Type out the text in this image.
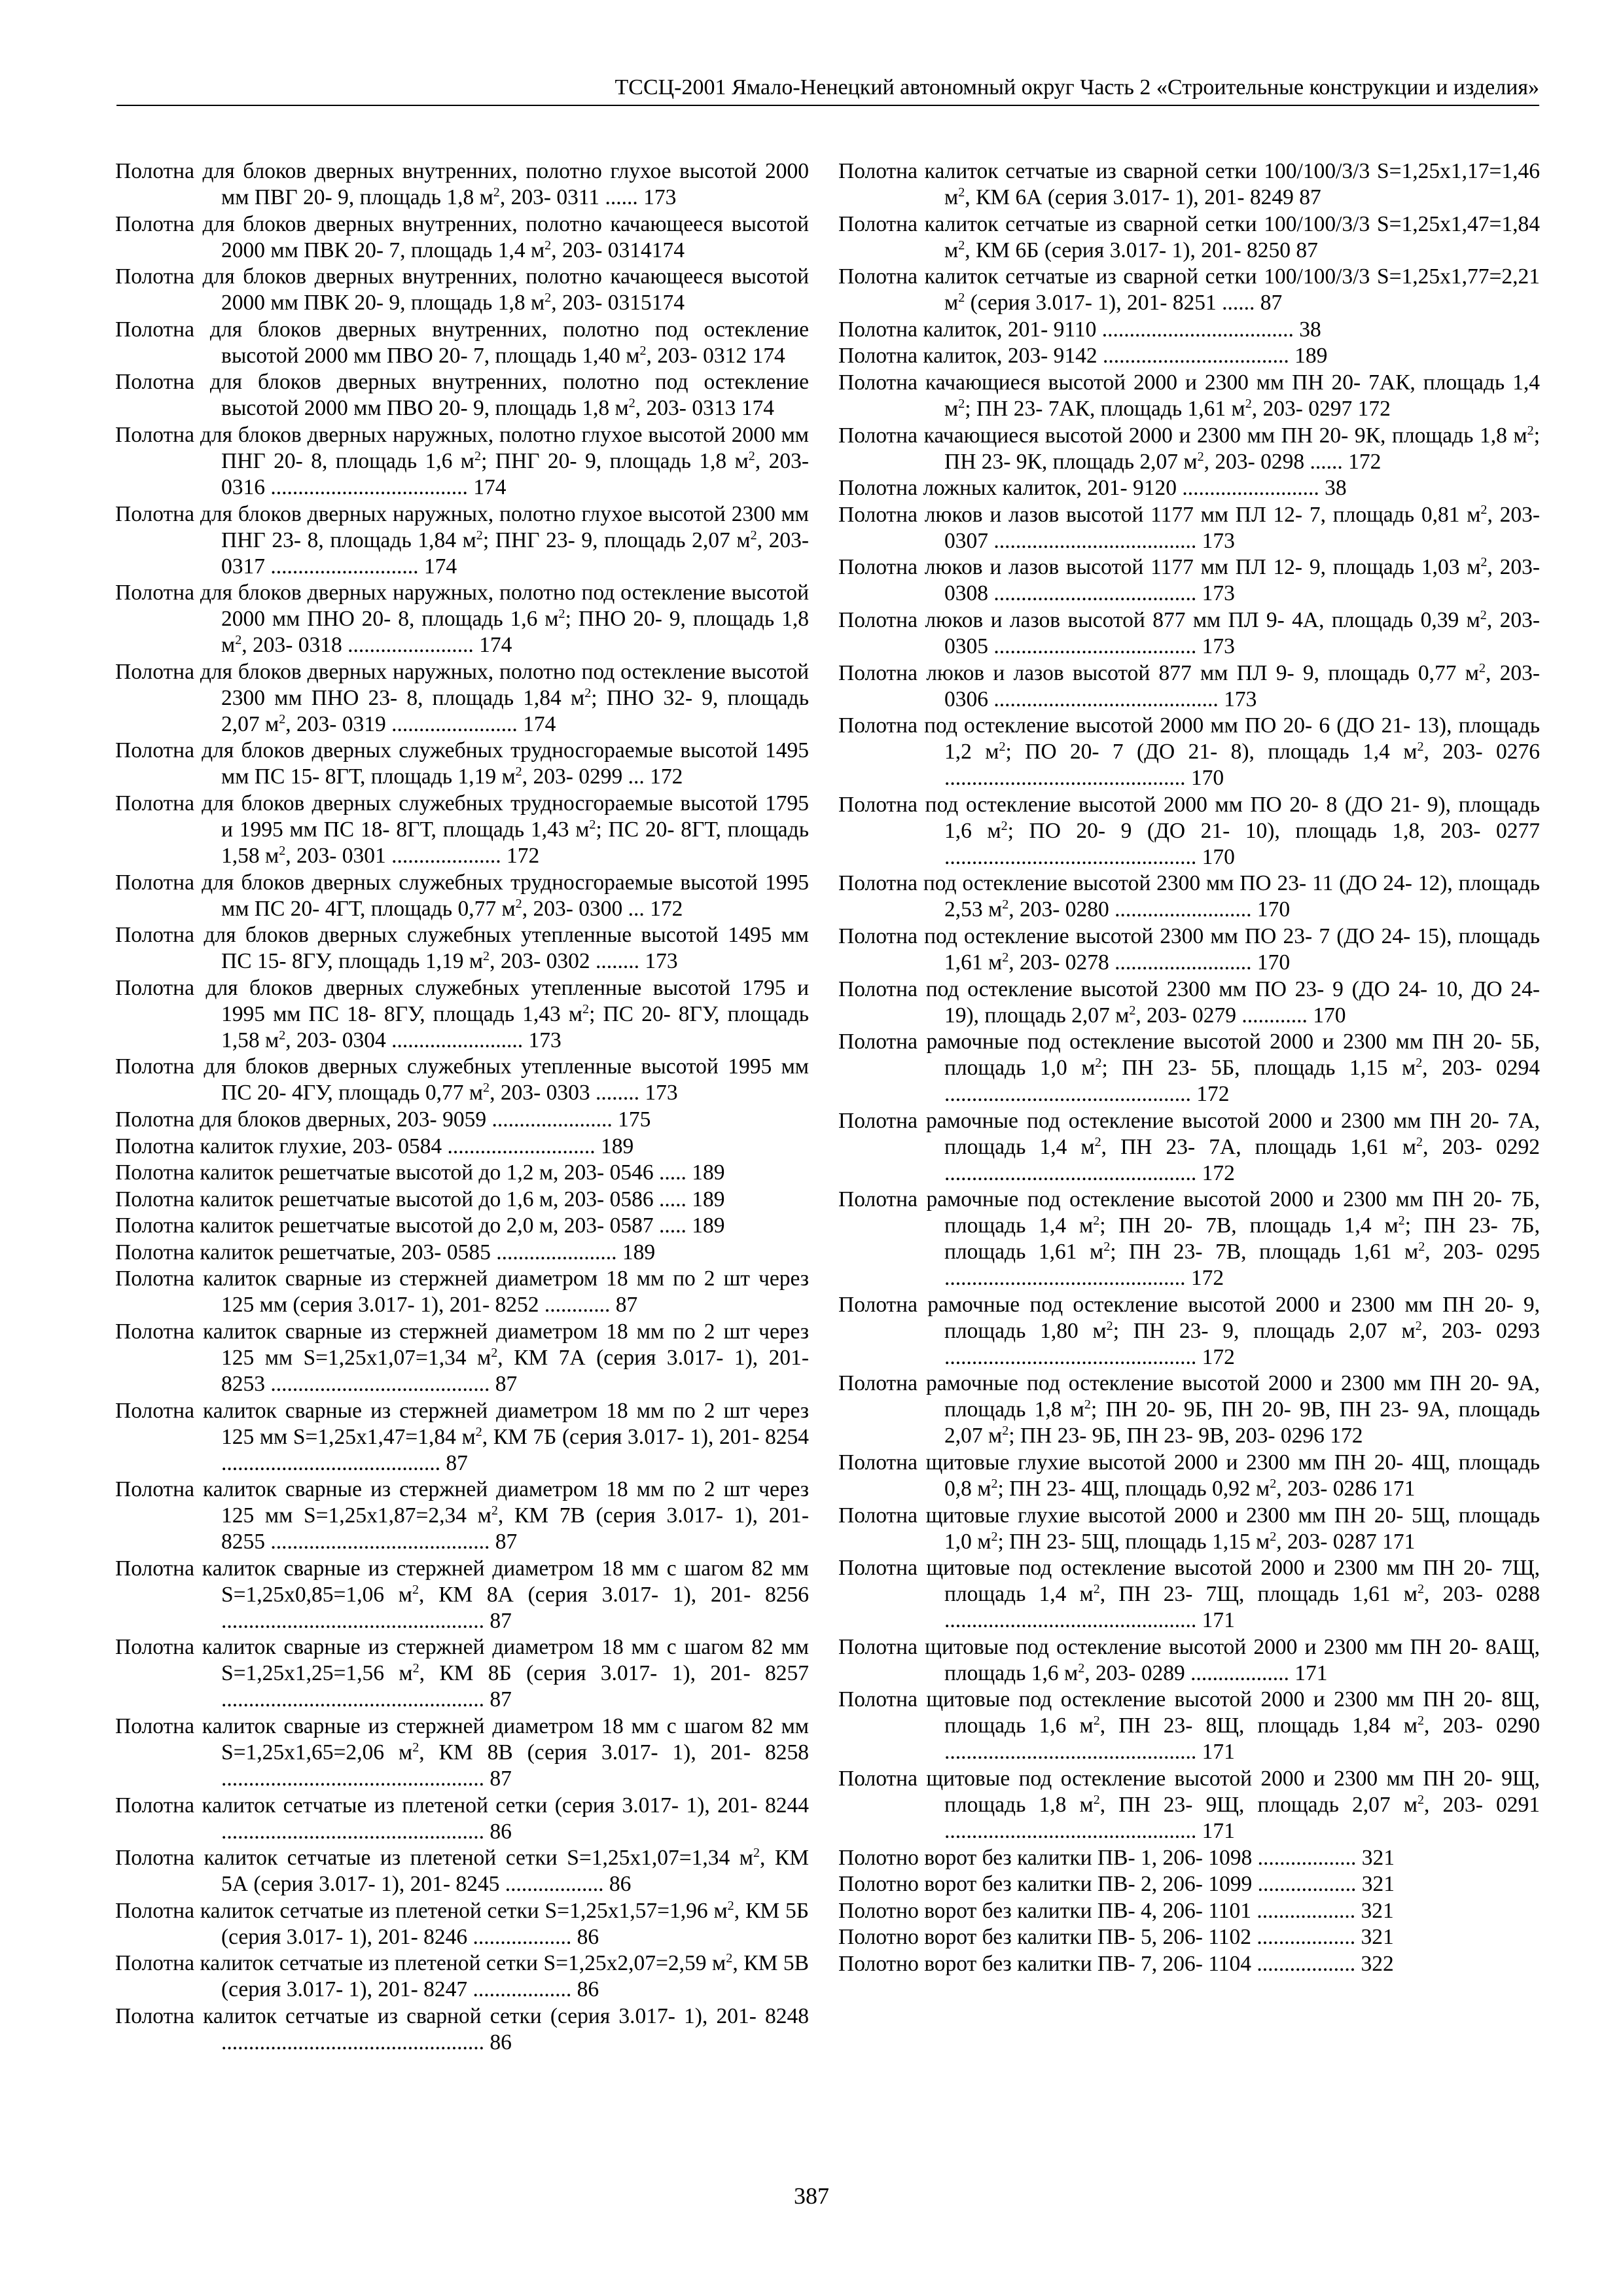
ТССЦ-2001 Ямало-Ненецкий автономный округ Часть 2 «Строительные конструкции и изделия»

Полотна для блоков дверных внутренних, полотно глухое высотой 2000 мм ПВГ 20- 9, площадь 1,8 $м^2$, 203- 0311 ...... 173

Полотна для блоков дверных внутренних, полотно качающееся высотой 2000 мм ПВК 20- 7, площадь 1,4 $м^2$, 203- 0314174

Полотна для блоков дверных внутренних, полотно качающееся высотой 2000 мм ПВК 20- 9, площадь 1,8 $м^2$, 203- 0315174

Полотна для блоков дверных внутренних, полотно под остекление высотой 2000 мм ПВО 20- 7, площадь 1,40 $м^2$, 203- 0312 174

Полотна для блоков дверных внутренних, полотно под остекление высотой 2000 мм ПВО 20- 9, площадь 1,8 $м^2$, 203- 0313 174

Полотна для блоков дверных наружных, полотно глухое высотой 2000 мм ПНГ 20- 8, площадь 1,6 $м^2$; ПНГ 20- 9, площадь 1,8 $м^2$, 203- 0316 .................................... 174

Полотна для блоков дверных наружных, полотно глухое высотой 2300 мм ПНГ 23- 8, площадь 1,84 $м^2$; ПНГ 23- 9, площадь 2,07 $м^2$, 203- 0317 ........................... 174

Полотна для блоков дверных наружных, полотно под остекление высотой 2000 мм ПНО 20- 8, площадь 1,6 $м^2$; ПНО 20- 9, площадь 1,8 $м^2$, 203- 0318 ....................... 174

Полотна для блоков дверных наружных, полотно под остекление высотой 2300 мм ПНО 23- 8, площадь 1,84 $м^2$; ПНО 32- 9, площадь 2,07 $м^2$, 203- 0319 ....................... 174

Полотна для блоков дверных служебных трудносгораемые высотой 1495 мм ПС 15- 8ГТ, площадь 1,19 $м^2$, 203- 0299 ... 172

Полотна для блоков дверных служебных трудносгораемые высотой 1795 и 1995 мм ПС 18- 8ГТ, площадь 1,43 $м^2$; ПС 20- 8ГТ, площадь 1,58 $м^2$, 203- 0301 .................... 172

Полотна для блоков дверных служебных трудносгораемые высотой 1995 мм ПС 20- 4ГТ, площадь 0,77 $м^2$, 203- 0300 ... 172

Полотна для блоков дверных служебных утепленные высотой 1495 мм ПС 15- 8ГУ, площадь 1,19 $м^2$, 203- 0302 ........ 173

Полотна для блоков дверных служебных утепленные высотой 1795 и 1995 мм ПС 18- 8ГУ, площадь 1,43 $м^2$; ПС 20- 8ГУ, площадь 1,58 $м^2$, 203- 0304 ........................ 173

Полотна для блоков дверных служебных утепленные высотой 1995 мм ПС 20- 4ГУ, площадь 0,77 $м^2$, 203- 0303 ........ 173

Полотна для блоков дверных, 203- 9059 ...................... 175

Полотна калиток глухие, 203- 0584 ........................... 189

Полотна калиток решетчатые высотой до 1,2 м, 203- 0546 ..... 189

Полотна калиток решетчатые высотой до 1,6 м, 203- 0586 ..... 189

Полотна калиток решетчатые высотой до 2,0 м, 203- 0587 ..... 189

Полотна калиток решетчатые, 203- 0585 ...................... 189

Полотна калиток сварные из стержней диаметром 18 мм по 2 шт через 125 мм (серия 3.017- 1), 201- 8252 ............ 87

Полотна калиток сварные из стержней диаметром 18 мм по 2 шт через 125 мм S=1,25x1,07=1,34 $м^2$, КМ 7А (серия 3.017- 1), 201- 8253 ........................................ 87

Полотна калиток сварные из стержней диаметром 18 мм по 2 шт через 125 мм S=1,25x1,47=1,84 $м^2$, КМ 7Б (серия 3.017- 1), 201- 8254 ........................................ 87

Полотна калиток сварные из стержней диаметром 18 мм по 2 шт через 125 мм S=1,25x1,87=2,34 $м^2$, КМ 7В (серия 3.017- 1), 201- 8255 ........................................ 87

Полотна калиток сварные из стержней диаметром 18 мм с шагом 82 мм S=1,25x0,85=1,06 $м^2$, КМ 8А (серия 3.017- 1), 201- 8256 ................................................ 87

Полотна калиток сварные из стержней диаметром 18 мм с шагом 82 мм S=1,25x1,25=1,56 $м^2$, КМ 8Б (серия 3.017- 1), 201- 8257 ................................................ 87

Полотна калиток сварные из стержней диаметром 18 мм с шагом 82 мм S=1,25x1,65=2,06 $м^2$, КМ 8В (серия 3.017- 1), 201- 8258 ................................................ 87

Полотна калиток сетчатые из плетеной сетки (серия 3.017- 1), 201- 8244 ................................................ 86

Полотна калиток сетчатые из плетеной сетки S=1,25x1,07=1,34 $м^2$, КМ 5А (серия 3.017- 1), 201- 8245 .................. 86

Полотна калиток сетчатые из плетеной сетки S=1,25x1,57=1,96 $м^2$, КМ 5Б (серия 3.017- 1), 201- 8246 .................. 86

Полотна калиток сетчатые из плетеной сетки S=1,25x2,07=2,59 $м^2$, КМ 5В (серия 3.017- 1), 201- 8247 .................. 86

Полотна калиток сетчатые из сварной сетки (серия 3.017- 1), 201- 8248 ................................................ 86

Полотна калиток сетчатые из сварной сетки 100/100/3/3 S=1,25x1,17=1,46 $м^2$, КМ 6А (серия 3.017- 1), 201- 8249 87

Полотна калиток сетчатые из сварной сетки 100/100/3/3 S=1,25x1,47=1,84 $м^2$, КМ 6Б (серия 3.017- 1), 201- 8250 87

Полотна калиток сетчатые из сварной сетки 100/100/3/3 S=1,25x1,77=2,21 $м^2$ (серия 3.017- 1), 201- 8251 ...... 87

Полотна калиток, 201- 9110 ................................... 38

Полотна калиток, 203- 9142 .................................. 189

Полотна качающиеся высотой 2000 и 2300 мм ПН 20- 7АК, площадь 1,4 $м^2$; ПН 23- 7АК, площадь 1,61 $м^2$, 203- 0297 172

Полотна качающиеся высотой 2000 и 2300 мм ПН 20- 9К, площадь 1,8 $м^2$; ПН 23- 9К, площадь 2,07 $м^2$, 203- 0298 ...... 172

Полотна ложных калиток, 201- 9120 ......................... 38

Полотна люков и лазов высотой 1177 мм ПЛ 12- 7, площадь 0,81 $м^2$, 203- 0307 ..................................... 173

Полотна люков и лазов высотой 1177 мм ПЛ 12- 9, площадь 1,03 $м^2$, 203- 0308 ..................................... 173

Полотна люков и лазов высотой 877 мм ПЛ 9- 4А, площадь 0,39 $м^2$, 203- 0305 ..................................... 173

Полотна люков и лазов высотой 877 мм ПЛ 9- 9, площадь 0,77 $м^2$, 203- 0306 ......................................... 173

Полотна под остекление высотой 2000 мм ПО 20- 6 (ДО 21- 13), площадь 1,2 $м^2$; ПО 20- 7 (ДО 21- 8), площадь 1,4 $м^2$, 203- 0276 ............................................ 170

Полотна под остекление высотой 2000 мм ПО 20- 8 (ДО 21- 9), площадь 1,6 $м^2$; ПО 20- 9 (ДО 21- 10), площадь 1,8, 203- 0277 .............................................. 170

Полотна под остекление высотой 2300 мм ПО 23- 11 (ДО 24- 12), площадь 2,53 $м^2$, 203- 0280 ......................... 170

Полотна под остекление высотой 2300 мм ПО 23- 7 (ДО 24- 15), площадь 1,61 $м^2$, 203- 0278 ......................... 170

Полотна под остекление высотой 2300 мм ПО 23- 9 (ДО 24- 10, ДО 24- 19), площадь 2,07 $м^2$, 203- 0279 ............ 170

Полотна рамочные под остекление высотой 2000 и 2300 мм ПН 20- 5Б, площадь 1,0 $м^2$; ПН 23- 5Б, площадь 1,15 $м^2$, 203- 0294 ............................................. 172

Полотна рамочные под остекление высотой 2000 и 2300 мм ПН 20- 7А, площадь 1,4 $м^2$, ПН 23- 7А, площадь 1,61 $м^2$, 203- 0292 .............................................. 172

Полотна рамочные под остекление высотой 2000 и 2300 мм ПН 20- 7Б, площадь 1,4 $м^2$; ПН 20- 7В, площадь 1,4 $м^2$; ПН 23- 7Б, площадь 1,61 $м^2$; ПН 23- 7В, площадь 1,61 $м^2$, 203- 0295 ............................................ 172

Полотна рамочные под остекление высотой 2000 и 2300 мм ПН 20- 9, площадь 1,80 $м^2$; ПН 23- 9, площадь 2,07 $м^2$, 203- 0293 .............................................. 172

Полотна рамочные под остекление высотой 2000 и 2300 мм ПН 20- 9А, площадь 1,8 $м^2$; ПН 20- 9Б, ПН 20- 9В, ПН 23- 9А, площадь 2,07 $м^2$; ПН 23- 9Б, ПН 23- 9В, 203- 0296 172

Полотна щитовые глухие высотой 2000 и 2300 мм ПН 20- 4Щ, площадь 0,8 $м^2$; ПН 23- 4Щ, площадь 0,92 $м^2$, 203- 0286 171

Полотна щитовые глухие высотой 2000 и 2300 мм ПН 20- 5Щ, площадь 1,0 $м^2$; ПН 23- 5Щ, площадь 1,15 $м^2$, 203- 0287 171

Полотна щитовые под остекление высотой 2000 и 2300 мм ПН 20- 7Щ, площадь 1,4 $м^2$, ПН 23- 7Щ, площадь 1,61 $м^2$, 203- 0288 .............................................. 171

Полотна щитовые под остекление высотой 2000 и 2300 мм ПН 20- 8АЩ, площадь 1,6 $м^2$, 203- 0289 .................. 171

Полотна щитовые под остекление высотой 2000 и 2300 мм ПН 20- 8Щ, площадь 1,6 $м^2$, ПН 23- 8Щ, площадь 1,84 $м^2$, 203- 0290 .............................................. 171

Полотна щитовые под остекление высотой 2000 и 2300 мм ПН 20- 9Щ, площадь 1,8 $м^2$, ПН 23- 9Щ, площадь 2,07 $м^2$, 203- 0291 .............................................. 171

Полотно ворот без калитки ПВ- 1, 206- 1098 .................. 321

Полотно ворот без калитки ПВ- 2, 206- 1099 .................. 321

Полотно ворот без калитки ПВ- 4, 206- 1101 .................. 321

Полотно ворот без калитки ПВ- 5, 206- 1102 .................. 321

Полотно ворот без калитки ПВ- 7, 206- 1104 .................. 322

387
